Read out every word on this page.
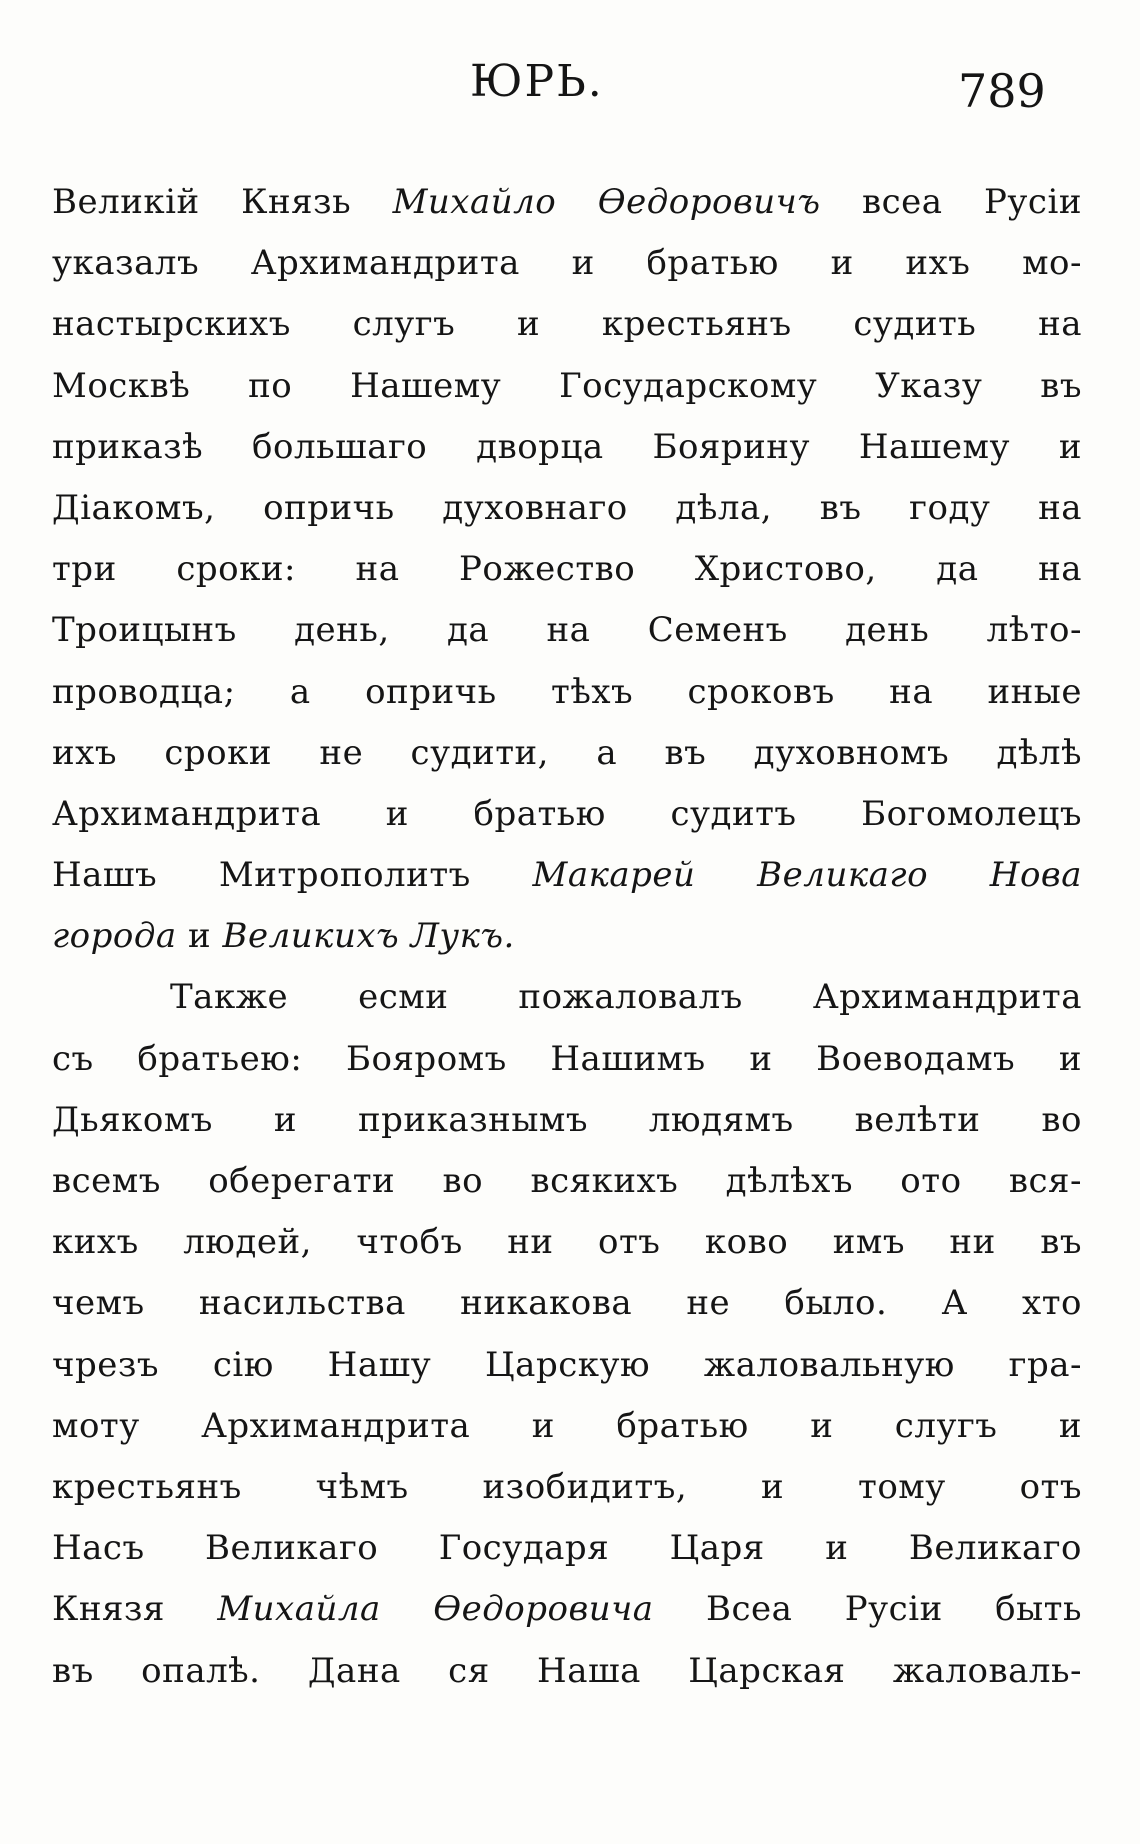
ЮРЬ.	789
Великій Князь Михайло Ѳедоровичъ всеа Русіи
указалъ Архимандрита и братью и ихъ мо-
настырскихъ слугъ и крестьянъ судить на
Москвѣ по Нашему Государскому Указу въ
приказѣ большаго дворца Боярину Нашему и
Діакомъ, опричь духовнаго дѣла, въ году на
три сроки: на Рожество Христово, да на
Троицынъ день, да на Семенъ день лѣто-
проводца; а опричь тѣхъ сроковъ на иные
ихъ сроки не судити, а въ духовномъ дѣлѣ
Архимандрита и братью судитъ Богомолецъ
Нашъ Митрополитъ Макарей Великаго Нова
города и Великихъ Лукъ.
Также есми пожаловалъ Архимандрита
съ братьею: Бояромъ Нашимъ и Воеводамъ и
Дьякомъ и приказнымъ людямъ велѣти во
всемъ оберегати во всякихъ дѣлѣхъ ото вся-
кихъ людей, чтобъ ни отъ ково имъ ни въ
чемъ насильства никакова не было. А хто
чрезъ сію Нашу Царскую жаловальную гра-
моту Архимандрита и братью и слугъ и
крестьянъ чѣмъ изобидитъ, и тому отъ
Насъ Великаго Государя Царя и Великаго
Князя Михайла Ѳедоровича Всеа Русіи быть
въ опалѣ. Дана ся Наша Царская жаловаль-
